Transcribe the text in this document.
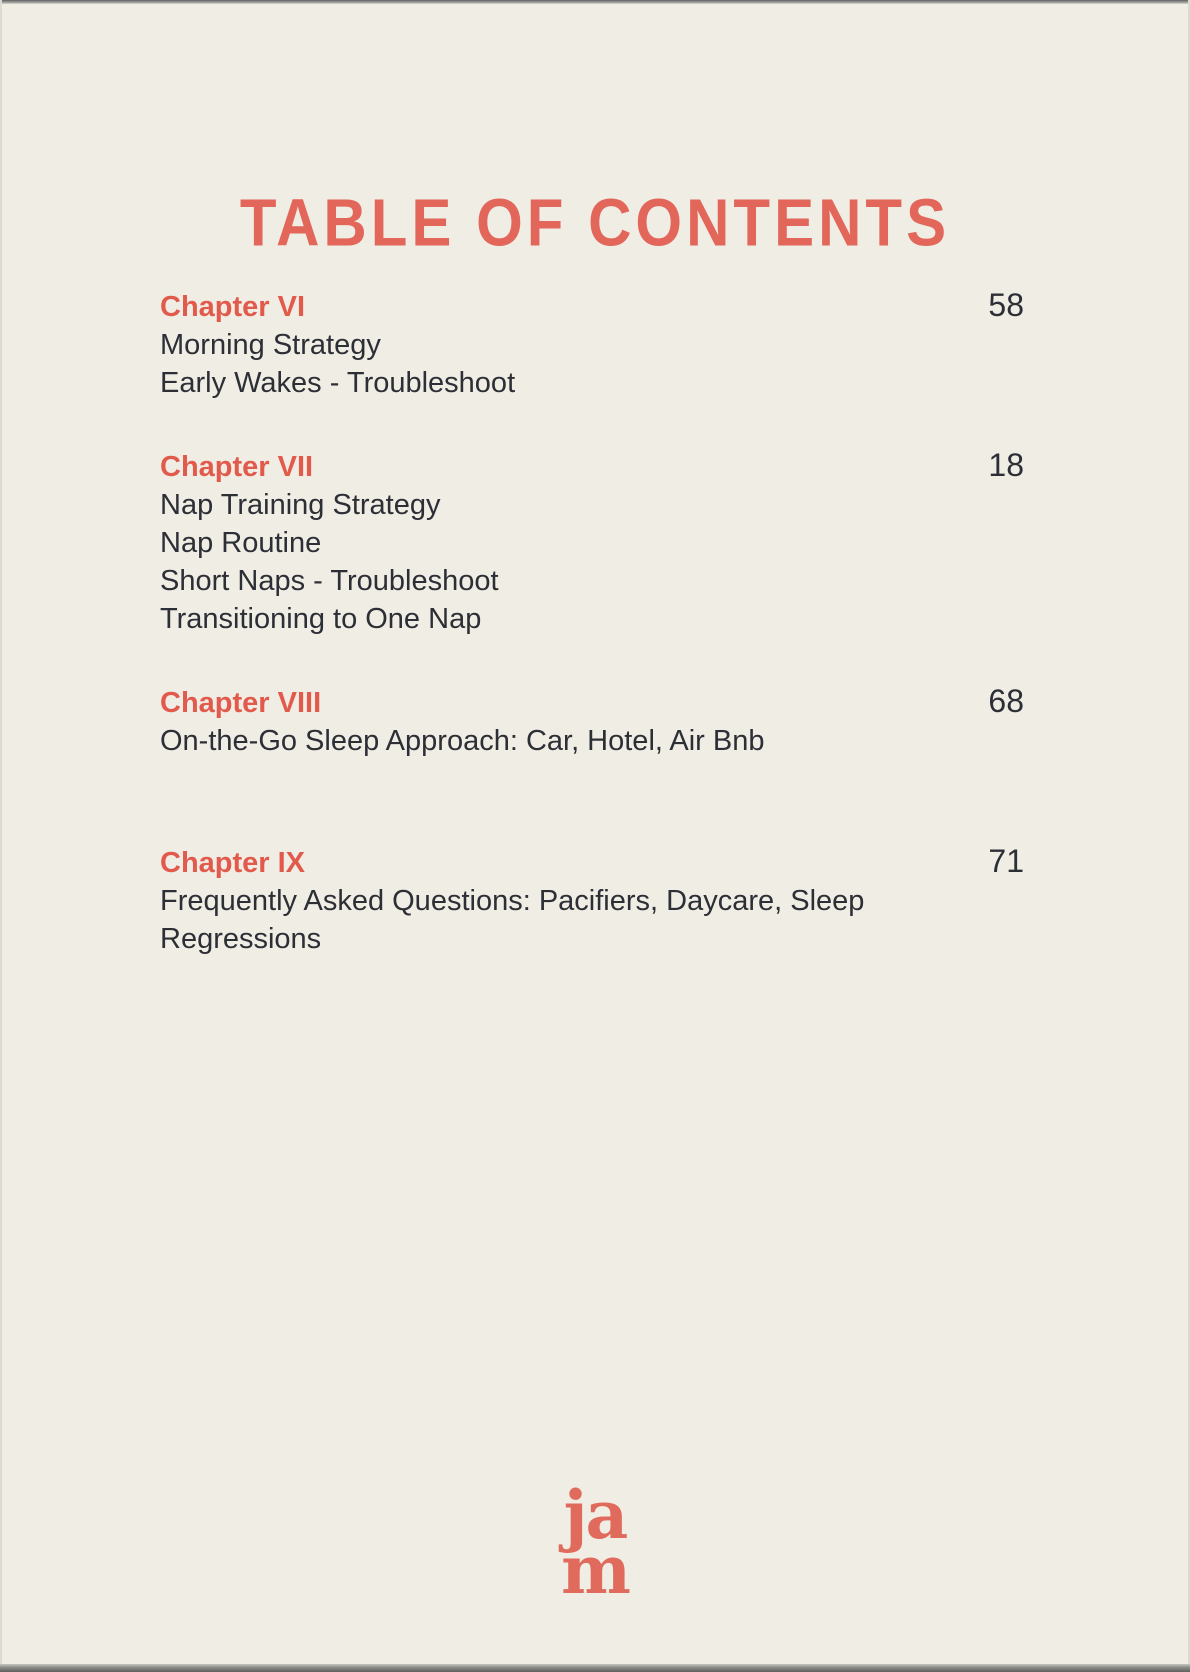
TABLE OF CONTENTS
Chapter VI	58
Morning Strategy
Early Wakes - Troubleshoot
Chapter VII	18
Nap Training Strategy
Nap Routine
Short Naps - Troubleshoot
Transitioning to One Nap
Chapter VIII	68
On-the-Go Sleep Approach: Car, Hotel, Air Bnb
Chapter IX	71
Frequently Asked Questions: Pacifiers, Daycare, Sleep Regressions
ja
m
